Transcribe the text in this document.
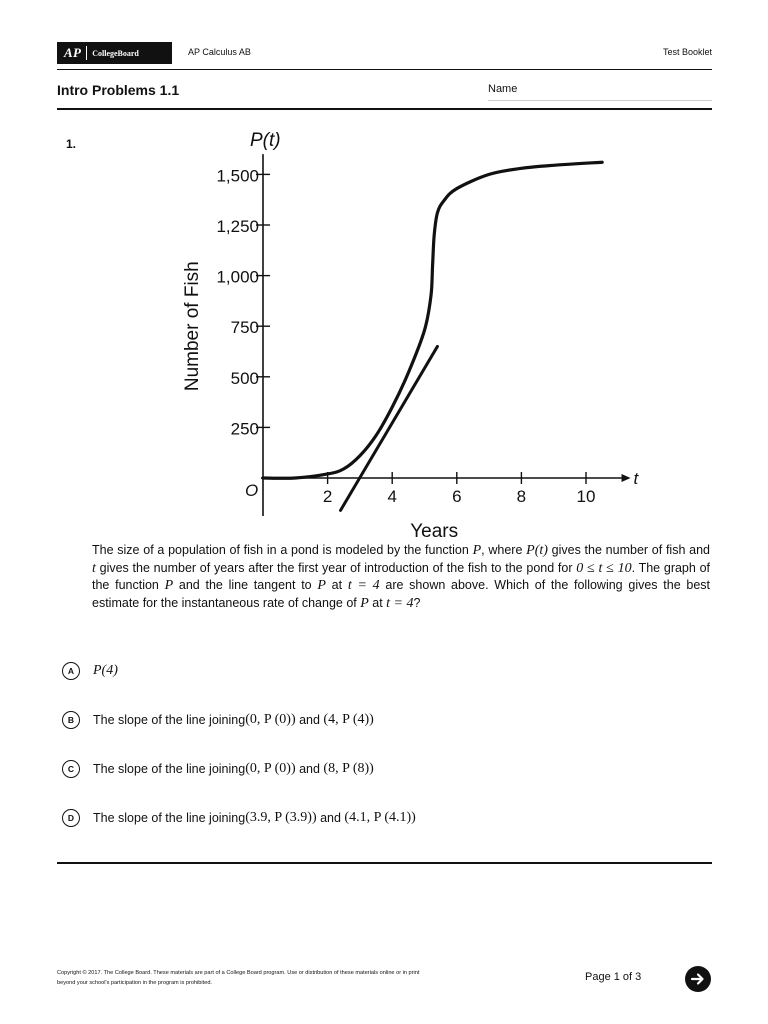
AP CollegeBoard	AP Calculus AB	Test Booklet
Intro Problems 1.1	Name
1.
250
500
750
1,000
1,250
1,500
2	4	6	8	10
O
P(t)
t
Years
Number of Fish
The size of a population of fish in a pond is modeled by the function P, where P(t) gives the number of fish and t gives the number of years after the first year of introduction of the fish to the pond for 0 ≤ t ≤ 10. The graph of the function P and the line tangent to P at t = 4 are shown above. Which of the following gives the best estimate for the instantaneous rate of change of P at t = 4?
A	P(4)
B	The slope of the line joining (0, P (0)) and (4, P (4))
C	The slope of the line joining (0, P (0)) and (8, P (8))
D	The slope of the line joining (3.9, P (3.9)) and (4.1, P (4.1))
Copyright © 2017. The College Board. These materials are part of a College Board program. Use or distribution of these materials online or in print
beyond your school's participation in the program is prohibited.	Page 1 of 3
